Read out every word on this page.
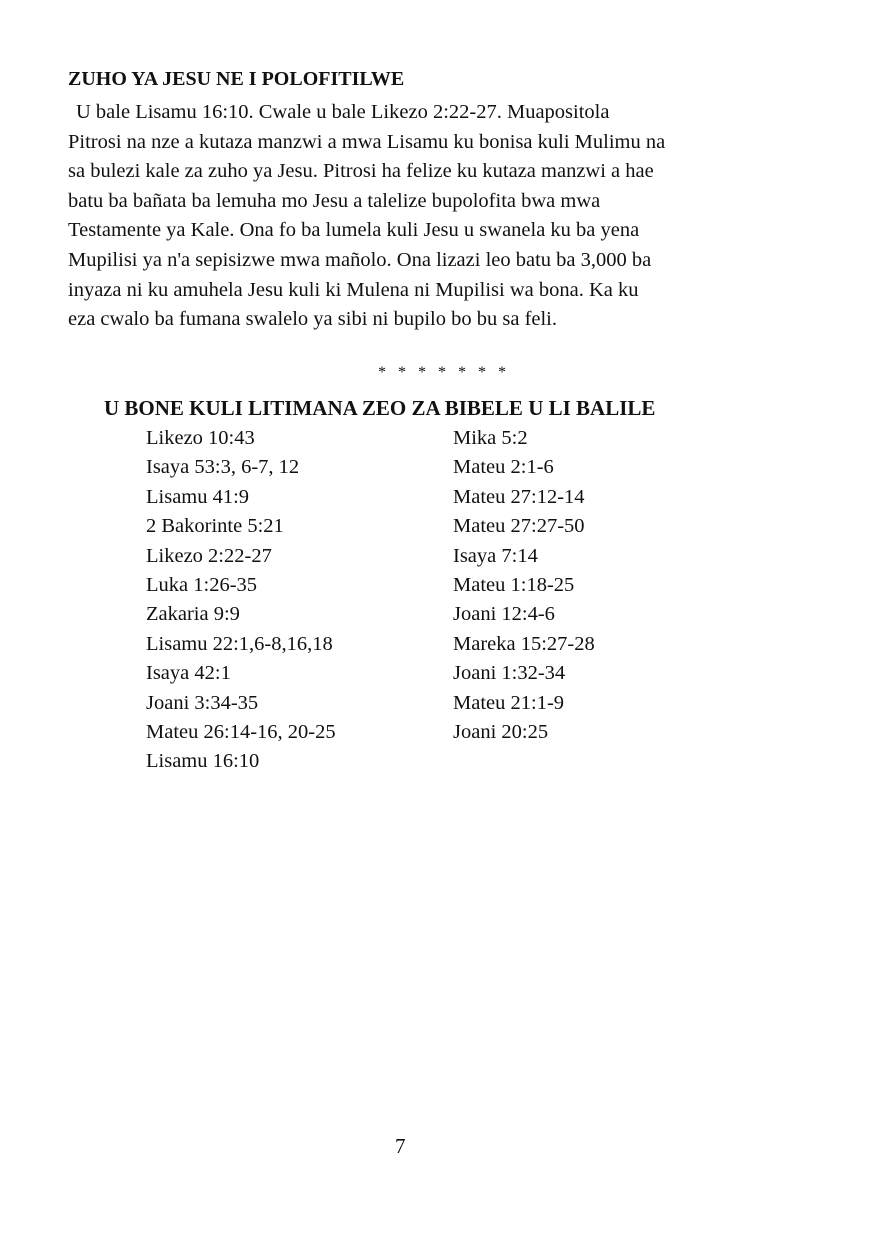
ZUHO YA JESU NE I POLOFITILWE
U bale Lisamu 16:10. Cwale u bale Likezo 2:22-27. Muapositola
Pitrosi na nze a kutaza manzwi a mwa Lisamu ku bonisa kuli Mulimu na
sa bulezi kale za zuho ya Jesu. Pitrosi ha felize ku kutaza manzwi a hae
batu ba bañata ba lemuha mo Jesu a talelize bupolofita bwa mwa
Testamente ya Kale. Ona fo ba lumela kuli Jesu u swanela ku ba yena
Mupilisi ya n'a sepisizwe mwa mañolo. Ona lizazi leo batu ba 3,000 ba
inyaza ni ku amuhela Jesu kuli ki Mulena ni Mupilisi wa bona. Ka ku
eza cwalo ba fumana swalelo ya sibi ni bupilo bo bu sa feli.
* * * * * * *
U BONE KULI LITIMANA ZEO ZA BIBELE U LI BALILE
Likezo 10:43
Isaya 53:3, 6-7, 12
Lisamu 41:9
2 Bakorinte 5:21
Likezo 2:22-27
Luka 1:26-35
Zakaria 9:9
Lisamu 22:1,6-8,16,18
Isaya 42:1
Joani 3:34-35
Mateu 26:14-16, 20-25
Lisamu 16:10
Mika 5:2
Mateu 2:1-6
Mateu 27:12-14
Mateu 27:27-50
Isaya 7:14
Mateu 1:18-25
Joani 12:4-6
Mareka 15:27-28
Joani 1:32-34
Mateu 21:1-9
Joani 20:25
7
